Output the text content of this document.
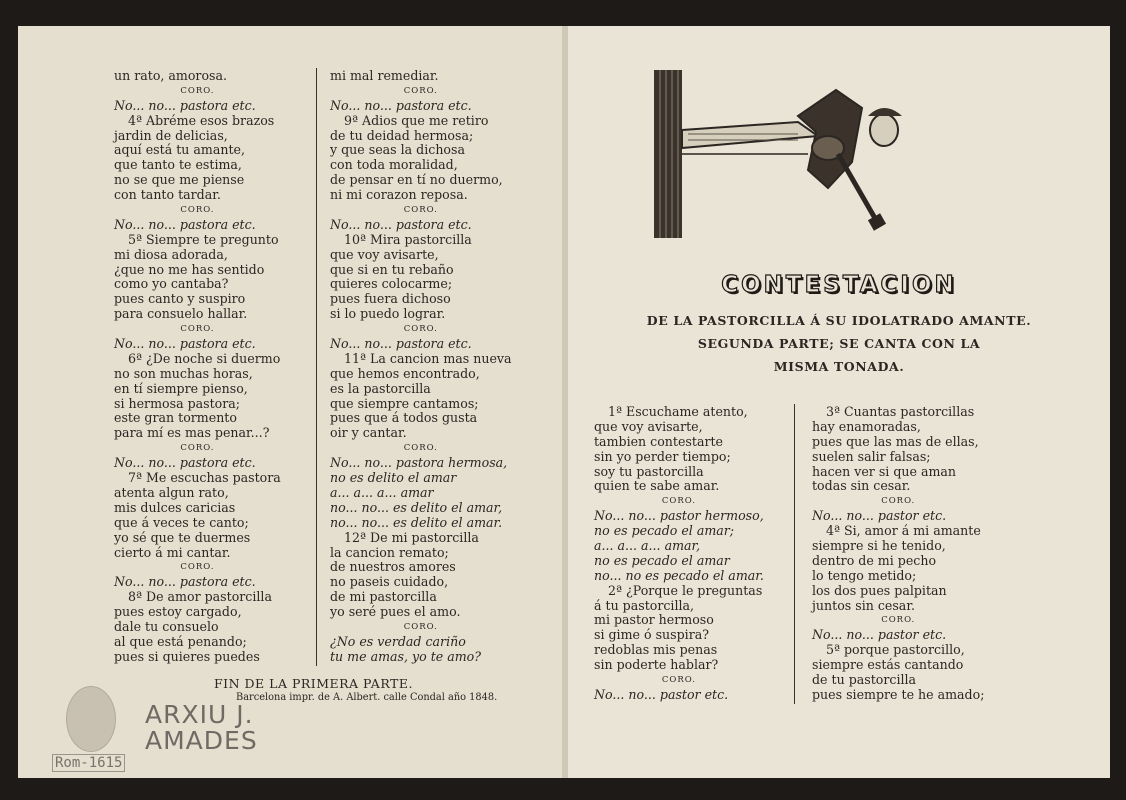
un rato, amorosa.
CORO.
No... no... pastora etc.
4ª Abréme esos brazos
jardin de delicias,
aquí está tu amante,
que tanto te estima,
no se que me piense
con tanto tardar.
CORO.
No... no... pastora etc.
5ª Siempre te pregunto
mi diosa adorada,
¿que no me has sentido
como yo cantaba?
pues canto y suspiro
para consuelo hallar.
CORO.
No... no... pastora etc.
6ª ¿De noche si duermo
no son muchas horas,
en tí siempre pienso,
si hermosa pastora;
este gran tormento
para mí es mas penar...?
CORO.
No... no... pastora etc.
7ª Me escuchas pastora
atenta algun rato,
mis dulces caricias
que á veces te canto;
yo sé que te duermes
cierto á mi cantar.
CORO.
No... no... pastora etc.
8ª De amor pastorcilla
pues estoy cargado,
dale tu consuelo
al que está penando;
pues si quieres puedes
mi mal remediar.
CORO.
No... no... pastora etc.
9ª Adios que me retiro
de tu deidad hermosa;
y que seas la dichosa
con toda moralidad,
de pensar en tí no duermo,
ni mi corazon reposa.
CORO.
No... no... pastora etc.
10ª Mira pastorcilla
que voy avisarte,
que si en tu rebaño
quieres colocarme;
pues fuera dichoso
si lo puedo lograr.
CORO.
No... no... pastora etc.
11ª La cancion mas nueva
que hemos encontrado,
es la pastorcilla
que siempre cantamos;
pues que á todos gusta
oir y cantar.
CORO.
No... no... pastora hermosa,
no es delito el amar
a... a... a... amar
no... no... es delito el amar,
no... no... es delito el amar.
12ª De mi pastorcilla
la cancion remato;
de nuestros amores
no paseis cuidado,
de mi pastorcilla
yo seré pues el amo.
CORO.
¿No es verdad cariño
tu me amas, yo te amo?
FIN DE LA PRIMERA PARTE.
Barcelona impr. de A. Albert. calle Condal año 1848.
ARXIU J.
AMADES
Rom-1615
CONTESTACION
DE LA PASTORCILLA Á SU IDOLATRADO AMANTE.
SEGUNDA PARTE; SE CANTA CON LA
MISMA TONADA.
1ª Escuchame atento,
que voy avisarte,
tambien contestarte
sin yo perder tiempo;
soy tu pastorcilla
quien te sabe amar.
CORO.
No... no... pastor hermoso,
no es pecado el amar;
a... a... a... amar,
no es pecado el amar
no... no es pecado el amar.
2ª ¿Porque le preguntas
á tu pastorcilla,
mi pastor hermoso
si gime ó suspira?
redoblas mis penas
sin poderte hablar?
CORO.
No... no... pastor etc.
3ª Cuantas pastorcillas
hay enamoradas,
pues que las mas de ellas,
suelen salir falsas;
hacen ver si que aman
todas sin cesar.
CORO.
No... no... pastor etc.
4ª Si, amor á mi amante
siempre si he tenido,
dentro de mi pecho
lo tengo metido;
los dos pues palpitan
juntos sin cesar.
CORO.
No... no... pastor etc.
5ª porque pastorcillo,
siempre estás cantando
de tu pastorcilla
pues siempre te he amado;
